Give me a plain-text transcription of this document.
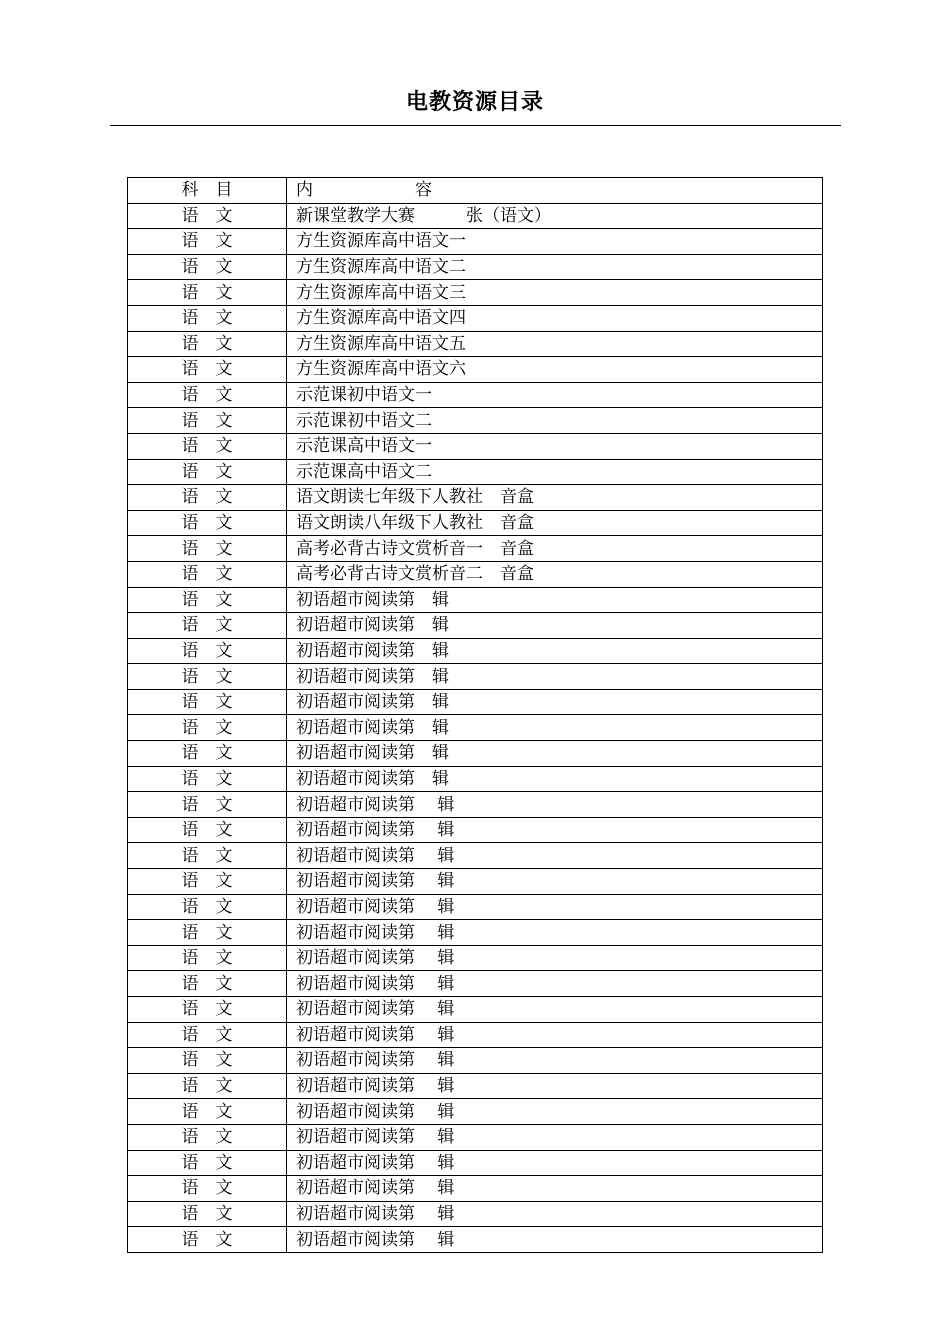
电教资源目录
科　目	内　　　　　　容
语　文	新课堂教学大赛　　　张（语文）
语　文	方生资源库高中语文一
语　文	方生资源库高中语文二
语　文	方生资源库高中语文三
语　文	方生资源库高中语文四
语　文	方生资源库高中语文五
语　文	方生资源库高中语文六
语　文	示范课初中语文一
语　文	示范课初中语文二
语　文	示范课高中语文一
语　文	示范课高中语文二
语　文	语文朗读七年级下人教社　音盒
语　文	语文朗读八年级下人教社　音盒
语　文	高考必背古诗文赏析音一　音盒
语　文	高考必背古诗文赏析音二　音盒
语　文	初语超市阅读第　辑
语　文	初语超市阅读第　辑
语　文	初语超市阅读第　辑
语　文	初语超市阅读第　辑
语　文	初语超市阅读第　辑
语　文	初语超市阅读第　辑
语　文	初语超市阅读第　辑
语　文	初语超市阅读第　辑
语　文	初语超市阅读第　 辑
语　文	初语超市阅读第　 辑
语　文	初语超市阅读第　 辑
语　文	初语超市阅读第　 辑
语　文	初语超市阅读第　 辑
语　文	初语超市阅读第　 辑
语　文	初语超市阅读第　 辑
语　文	初语超市阅读第　 辑
语　文	初语超市阅读第　 辑
语　文	初语超市阅读第　 辑
语　文	初语超市阅读第　 辑
语　文	初语超市阅读第　 辑
语　文	初语超市阅读第　 辑
语　文	初语超市阅读第　 辑
语　文	初语超市阅读第　 辑
语　文	初语超市阅读第　 辑
语　文	初语超市阅读第　 辑
语　文	初语超市阅读第　 辑
